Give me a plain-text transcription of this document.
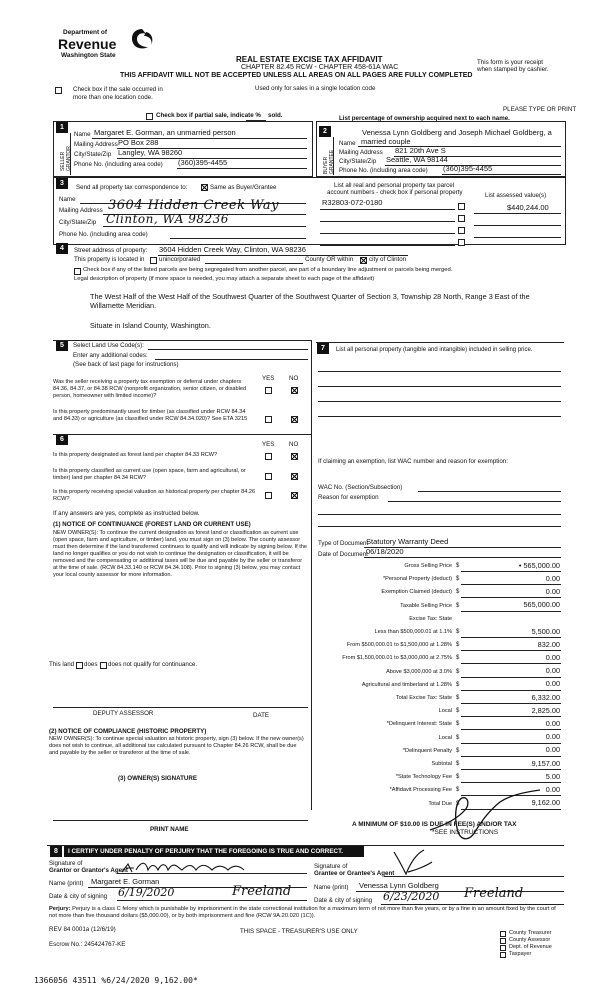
Department of
Revenue
Washington State	REAL ESTATE EXCISE TAX AFFIDAVIT
CHAPTER 82.45 RCW - CHAPTER 458-61A WAC
THIS AFFIDAVIT WILL NOT BE ACCEPTED UNLESS ALL AREAS ON ALL PAGES ARE FULLY COMPLETED
This form is your receipt
when stamped by cashier.
Check box if the sale occurred in
more than one location code.
Used only for sales in a single location code
PLEASE TYPE OR PRINT
Check box if partial sale, indicate % sold.	List percentage of ownership acquired next to each name.
1
SELLER GRANTOR
Name Margaret E. Gorman, an unmarried person
Mailing Address PO Box 288
City/State/Zip Langley, WA 98260
Phone No. (including area code) (360)395-4455
2
BUYER GRANTEE
Venessa Lynn Goldberg and Joseph Michael Goldberg, a
Name married couple
Mailing Address 821 20th Ave S
City/State/Zip Seattle, WA 98144
Phone No. (including area code) (360)395-4455
3
Send all property tax correspondence to:	Same as Buyer/Grantee
Name
Mailing Address 3604 Hidden Creek Way
City/State/Zip Clinton, WA 98236
Phone No. (including area code)
List all real and personal property tax parcel
account numbers - check box if personal property	List assessed value(s)
R32803-072-0180
$440,244.00
4	Street address of property: 3604 Hidden Creek Way, Clinton, WA 98236
This property is located in unincorporated	County OR within	city of Clinton
Check box if any of the listed parcels are being segregated from another parcel, are part of a boundary line adjustment or parcels being merged.
Legal description of property (if more space is needed, you may attach a separate sheet to each page of the affidavit)
The West Half of the West Half of the Southwest Quarter of the Southwest Quarter of Section 3, Township 28 North, Range 3 East of the
Willamette Meridian.
Situate in Island County, Washington.
5	Select Land Use Code(s):
Enter any additional codes:
(See back of last page for instructions)
YES NO
Was the seller receiving a property tax exemption or deferral under chapters 84.36, 84.37, or 84.38 RCW (nonprofit organization, senior citizen, or disabled person, homeowner with limited income)?
Is this property predominantly used for timber (as classified under RCW 84.34 and 84.33) or agriculture (as classified under RCW 84.34.020)? See ETA 3215
6
YES NO
Is this property designated as forest land per chapter 84.33 RCW?
Is this property classified as current use (open space, farm and agricultural, or timber) land per chapter 84.34 RCW?
Is this property receiving special valuation as historical property per chapter 84.26 RCW?
If any answers are yes, complete as instructed below.
(1) NOTICE OF CONTINUANCE (FOREST LAND OR CURRENT USE)
NEW OWNER(S): To continue the current designation as forest land or classification as current use (open space, farm and agriculture, or timber) land, you must sign on (3) below. The county assessor must then determine if the land transferred continues to qualify and will indicate by signing below. If the land no longer qualifies or you do not wish to continue the designation or classification, it will be removed and the compensating or additional taxes will be due and payable by the seller or transferor at the time of sale. (RCW 84.33.140 or RCW 84.34.108). Prior to signing (3) below, you may contact your local county assessor for more information.
This land does does not qualify for continuance.
DEPUTY ASSESSOR	DATE
(2) NOTICE OF COMPLIANCE (HISTORIC PROPERTY)
NEW OWNER(S): To continue special valuation as historic property, sign (3) below. If the new owner(s) does not wish to continue, all additional tax calculated pursuant to Chapter 84.26 RCW, shall be due and payable by the seller or transferor at the time of sale.
(3) OWNER(S) SIGNATURE
PRINT NAME
7	List all personal property (tangible and intangible) included in selling price.
If claiming an exemption, list WAC number and reason for exemption:
WAC No. (Section/Subsection)
Reason for exemption
Type of Document
Statutory Warranty Deed
Date of Document
06/18/2020
Gross Selling Price $	• 565,000.00
*Personal Property (deduct) $	0.00
Exemption Claimed (deduct) $	0.00
Taxable Selling Price $	565,000.00
Excise Tax: State
Less than $500,000.01 at 1.1% $	5,500.00
From $500,000.01 to $1,500,000 at 1.28% $	832.00
From $1,500,000.01 to $3,000,000 at 2.75% $	0.00
Above $3,000,000 at 3.0% $	0.00
Agricultural and timberland at 1.28% $	0.00
Total Excise Tax: State $	6,332.00
Local $	2,825.00
*Delinquent Interest: State $	0.00
Local $	0.00
*Delinquent Penalty $	0.00
Subtotal $	9,157.00
*State Technology Fee $	5.00
*Affidavit Processing Fee $	0.00
Total Due $	9,162.00
A MINIMUM OF $10.00 IS DUE IN FEE(S) AND/OR TAX
*SEE INSTRUCTIONS
8	I CERTIFY UNDER PENALTY OF PERJURY THAT THE FOREGOING IS TRUE AND CORRECT.
Signature of
Grantor or Grantor's Agent
Name (print) Margaret E. Gorman
Date & city of signing 6/19/2020	Freeland
Signature of
Grantee or Grantee's Agent
Name (print) Venessa Lynn Goldberg
Date & city of signing 6/23/2020 Freeland
Perjury: Perjury is a class C felony which is punishable by imprisonment in the state correctional institution for a maximum term of not more than five years, or by a fine in an amount fixed by the court of not more than five thousand dollars ($5,000.00), or by both imprisonment and fine (RCW 9A.20.020 (1C)).
REV 84 0001a (12/6/19)	THIS SPACE - TREASURER'S USE ONLY
Escrow No.: 245424767-KE
County Treasurer
County Assessor
Dept. of Revenue
Taxpayer
1366056 43511 %6/24/2020 9,162.00*
